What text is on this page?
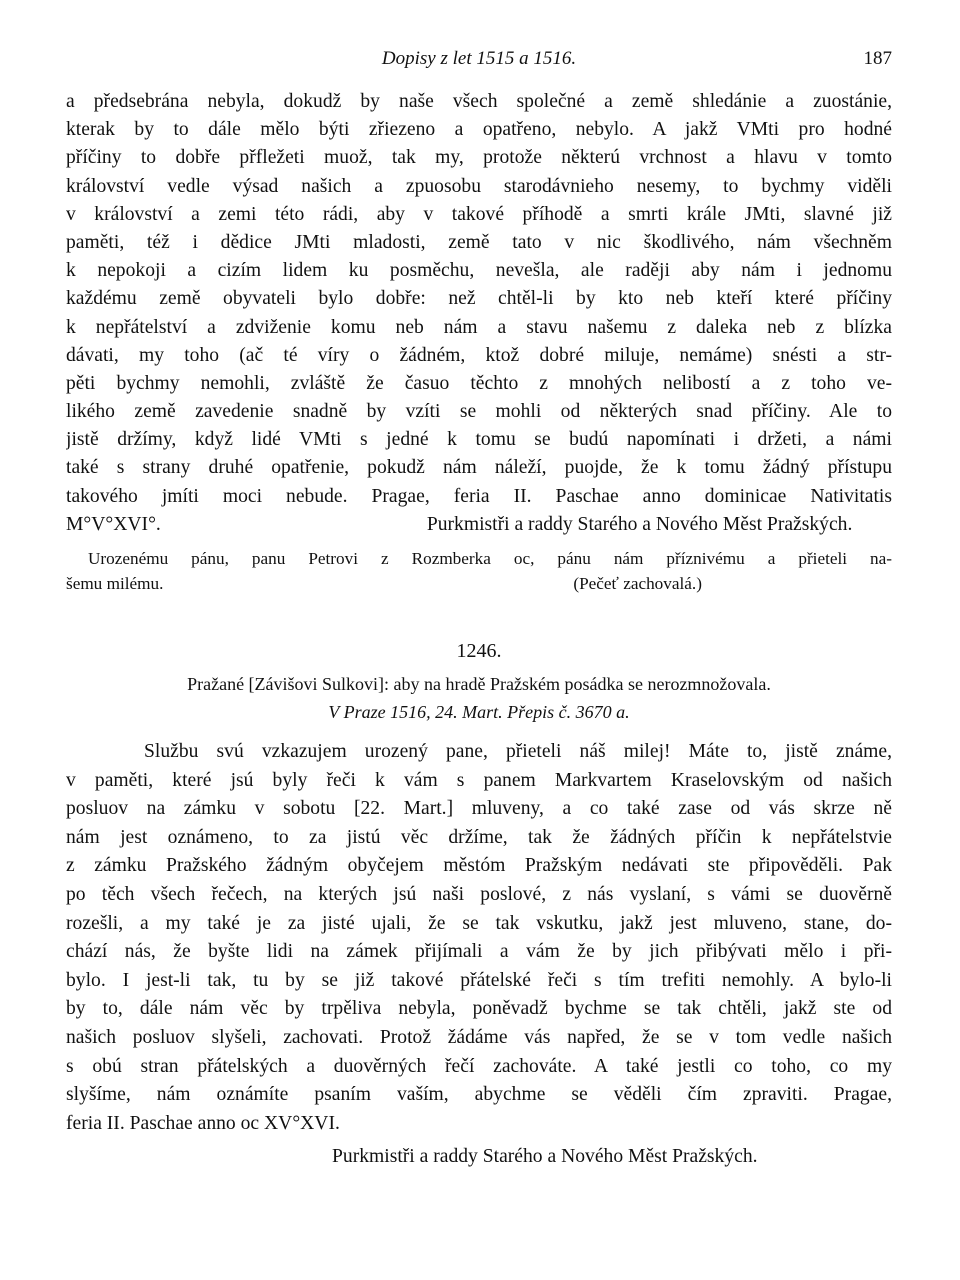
Dopisy z let 1515 a 1516.	187
a předsebrána nebyla, dokudž by naše všech společné a země shledánie a zuostánie,
kterak by to dále mělo býti zřiezeno a opatřeno, nebylo. A jakž VMti pro hodné
příčiny to dobře přfležeti muož, tak my, protože některú vrchnost a hlavu v tomto
království vedle výsad našich a zpuosobu starodávnieho nesemy, to bychmy viděli
v království a zemi této rádi, aby v takové příhodě a smrti krále JMti, slavné již
paměti, též i dědice JMti mladosti, země tato v nic škodlivého, nám všechněm
k nepokoji a cizím lidem ku posměchu, nevešla, ale raději aby nám i jednomu
každému země obyvateli bylo dobře: než chtěl-li by kto neb kteří které příčiny
k nepřátelství a zdviženie komu neb nám a stavu našemu z daleka neb z blízka
dávati, my toho (ač té víry o žádném, ktož dobré miluje, nemáme) snésti a str-
pěti bychmy nemohli, zvláště že časuo těchto z mnohých nelibostí a z toho ve-
likého země zavedenie snadně by vzíti se mohli od některých snad příčiny. Ale to
jistě držímy, když lidé VMti s jedné k tomu se budú napomínati i držeti, a námi
také s strany druhé opatřenie, pokudž nám náleží, puojde, že k tomu žádný přístupu
takového jmíti moci nebude. Pragae, feria II. Paschae anno dominicae Nativitatis
M°V°XVI°.	Purkmistři a raddy Starého a Nového Měst Pražských.
Urozenému pánu, panu Petrovi z Rozmberka oc, pánu nám příznivému a přieteli na-
šemu milému.	(Pečeť zachovalá.)
1246.
Pražané [Závišovi Sulkovi]: aby na hradě Pražském posádka se nerozmnožovala.
V Praze 1516, 24. Mart. Přepis č. 3670 a.
Službu svú vzkazujem urozený pane, přieteli náš milej! Máte to, jistě známe,
v paměti, které jsú byly řeči k vám s panem Markvartem Kraselovským od našich
posluov na zámku v sobotu [22. Mart.] mluveny, a co také zase od vás skrze ně
nám jest oznámeno, to za jistú věc držíme, tak že žádných příčin k nepřátelstvie
z zámku Pražského žádným obyčejem městóm Pražským nedávati ste připověděli. Pak
po těch všech řečech, na kterých jsú naši poslové, z nás vyslaní, s vámi se duověrně
rozešli, a my také je za jisté ujali, že se tak vskutku, jakž jest mluveno, stane, do-
chází nás, že byšte lidi na zámek přijímali a vám že by jich přibývati mělo i při-
bylo. I jest-li tak, tu by se již takové přátelské řeči s tím trefiti nemohly. A bylo-li
by to, dále nám věc by trpěliva nebyla, poněvadž bychme se tak chtěli, jakž ste od
našich posluov slyšeli, zachovati. Protož žádáme vás napřed, že se v tom vedle našich
s obú stran přátelských a duověrných řečí zachováte. A také jestli co toho, co my
slyšíme, nám oznámíte psaním vaším, abychme se věděli čím zpraviti. Pragae,
feria II. Paschae anno oc XV°XVI.
Purkmistři a raddy Starého a Nového Měst Pražských.
